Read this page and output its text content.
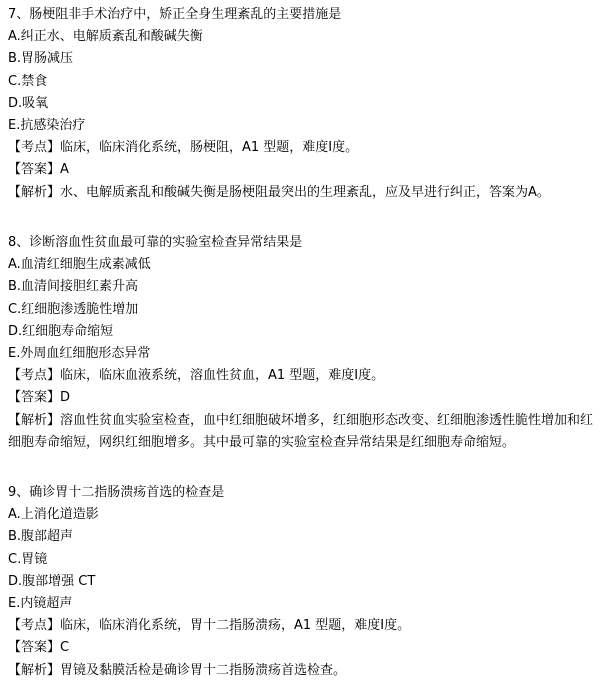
7、肠梗阻非手术治疗中，矫正全身生理紊乱的主要措施是
A.纠正水、电解质紊乱和酸碱失衡
B.胃肠减压
C.禁食
D.吸氧
E.抗感染治疗
【考点】临床，临床消化系统，肠梗阻，A1 型题，难度Ⅰ度。
【答案】A
【解析】水、电解质紊乱和酸碱失衡是肠梗阻最突出的生理紊乱，应及早进行纠正，答案为A。
8、诊断溶血性贫血最可靠的实验室检查异常结果是
A.血清红细胞生成素减低
B.血清间接胆红素升高
C.红细胞渗透脆性增加
D.红细胞寿命缩短
E.外周血红细胞形态异常
【考点】临床，临床血液系统，溶血性贫血，A1 型题，难度Ⅰ度。
【答案】D
【解析】溶血性贫血实验室检查，血中红细胞破坏增多，红细胞形态改变、红细胞渗透性脆性增加和红细胞寿命缩短，网织红细胞增多。其中最可靠的实验室检查异常结果是红细胞寿命缩短。
9、确诊胃十二指肠溃疡首选的检查是
A.上消化道造影
B.腹部超声
C.胃镜
D.腹部增强 CT
E.内镜超声
【考点】临床，临床消化系统，胃十二指肠溃疡，A1 型题，难度Ⅰ度。
【答案】C
【解析】胃镜及黏膜活检是确诊胃十二指肠溃疡首选检查。
